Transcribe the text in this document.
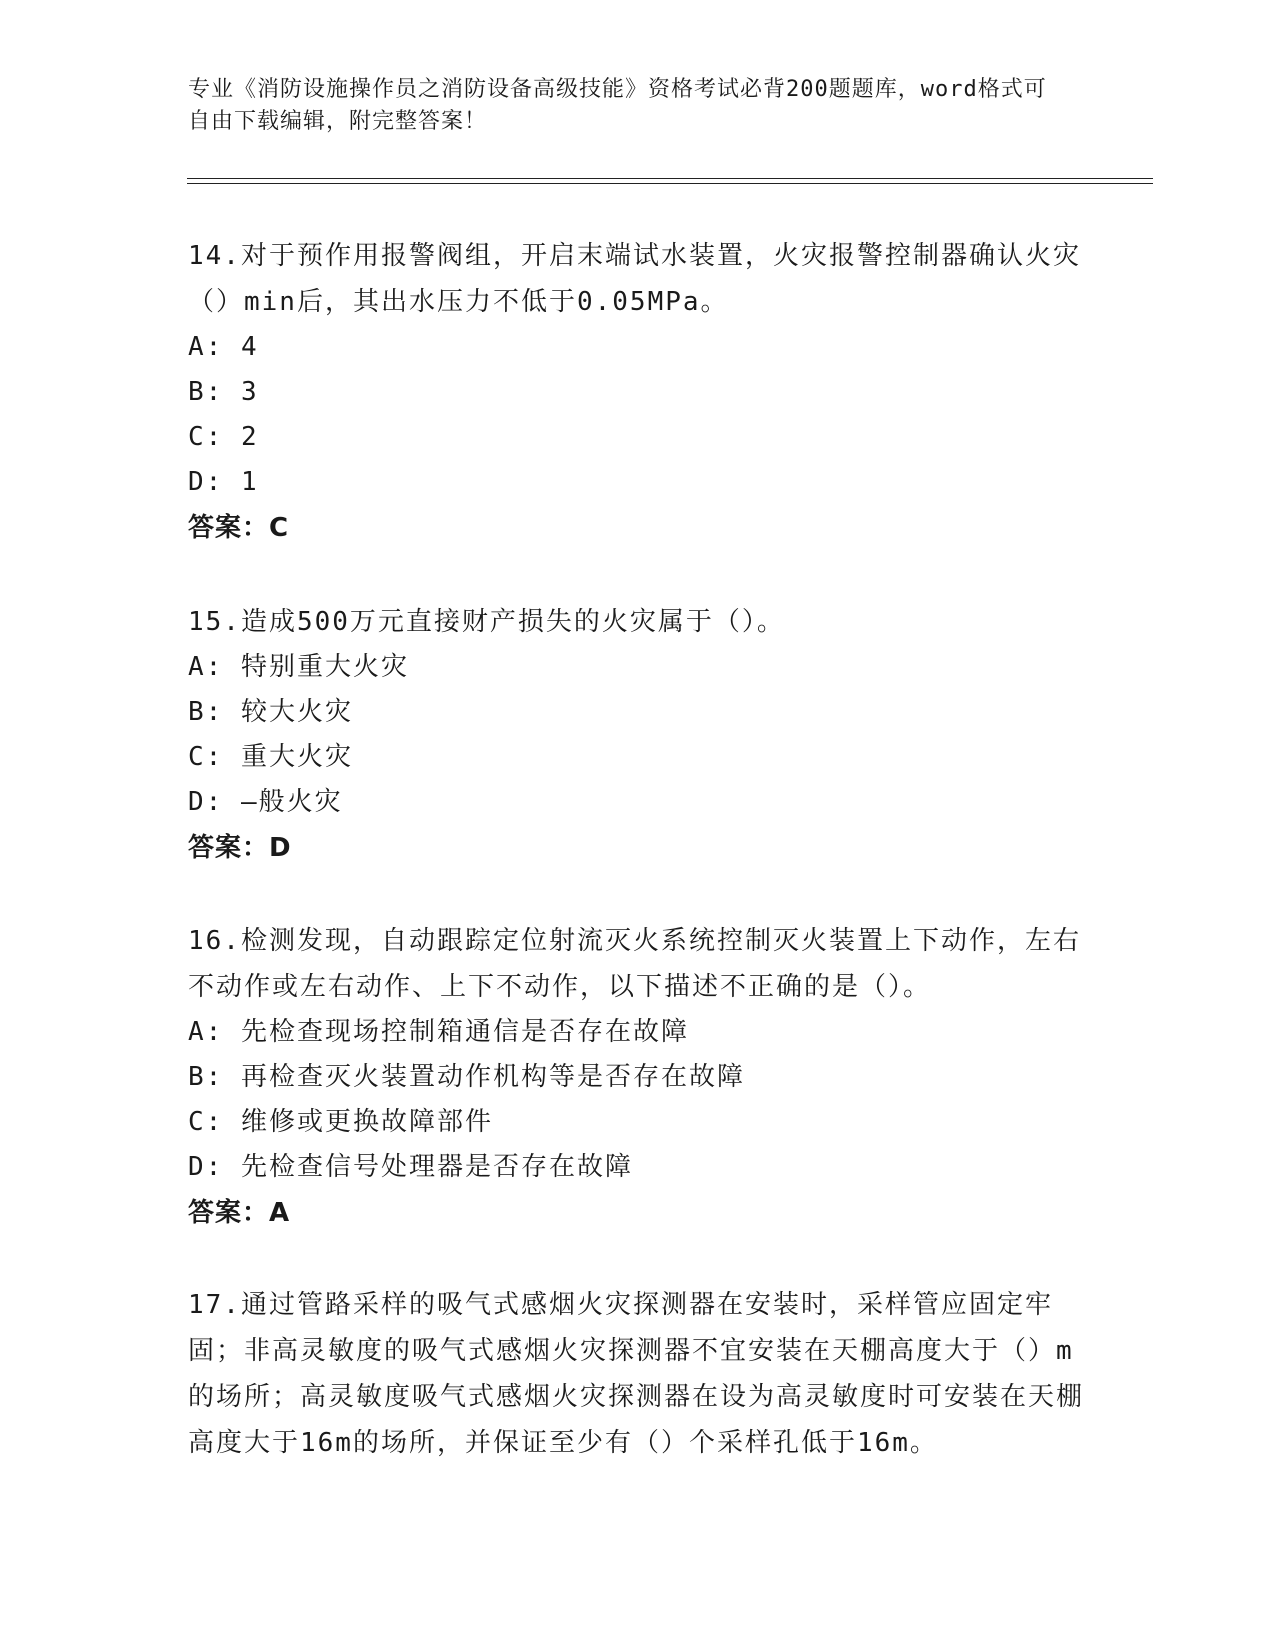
专业《消防设施操作员之消防设备高级技能》资格考试必背200题题库，word格式可自由下载编辑，附完整答案！
14.对于预作用报警阀组，开启末端试水装置，火灾报警控制器确认火灾（）min后，其出水压力不低于0.05MPa。
A: 4
B: 3
C: 2
D: 1
答案：C
15.造成500万元直接财产损失的火灾属于（）。
A: 特别重大火灾
B: 较大火灾
C: 重大火灾
D: —般火灾
答案：D
16.检测发现，自动跟踪定位射流灭火系统控制灭火装置上下动作，左右不动作或左右动作、上下不动作，以下描述不正确的是（）。
A: 先检查现场控制箱通信是否存在故障
B: 再检查灭火装置动作机构等是否存在故障
C: 维修或更换故障部件
D: 先检查信号处理器是否存在故障
答案：A
17.通过管路采样的吸气式感烟火灾探测器在安装时，采样管应固定牢固；非高灵敏度的吸气式感烟火灾探测器不宜安装在天棚高度大于（）m的场所；高灵敏度吸气式感烟火灾探测器在设为高灵敏度时可安装在天棚高度大于16m的场所，并保证至少有（）个采样孔低于16m。
